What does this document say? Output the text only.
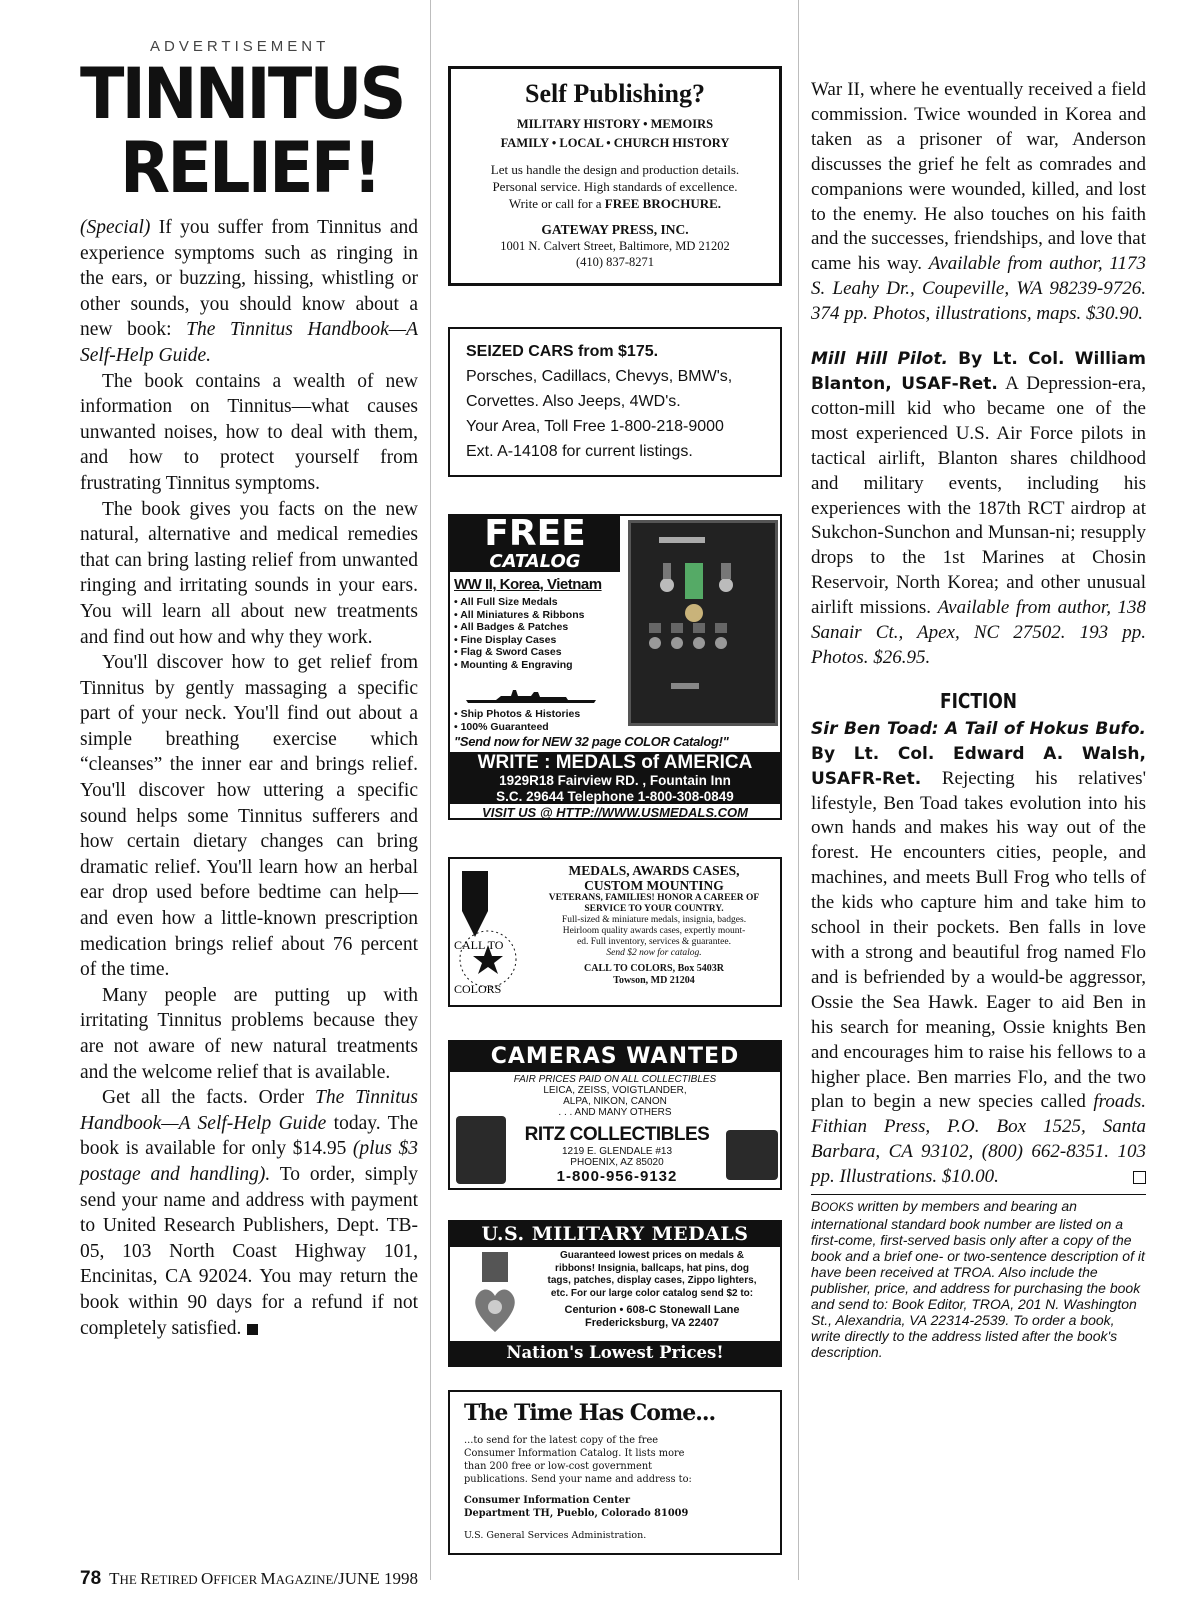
ADVERTISEMENT
TINNITUS
RELIEF!

(Special) If you suffer from Tinnitus and experience symptoms such as ringing in the ears, or buzzing, hissing, whistling or other sounds, you should know about a new book: The Tinnitus Handbook—A Self-Help Guide.

The book contains a wealth of new information on Tinnitus—what causes unwanted noises, how to deal with them, and how to protect yourself from frustrating Tinnitus symptoms.

The book gives you facts on the new natural, alternative and medical remedies that can bring lasting relief from unwanted ringing and irritating sounds in your ears. You will learn all about new treatments and find out how and why they work.

You'll discover how to get relief from Tinnitus by gently massaging a specific part of your neck. You'll find out about a simple breathing exercise which “cleanses” the inner ear and brings relief. You'll discover how uttering a specific sound helps some Tinnitus sufferers and how certain dietary changes can bring dramatic relief. You'll learn how an herbal ear drop used before bedtime can help—and even how a little-known prescription medication brings relief about 76 percent of the time.

Many people are putting up with irritating Tinnitus problems because they are not aware of new natural treatments and the welcome relief that is available.

Get all the facts. Order The Tinnitus Handbook—A Self-Help Guide today. The book is available for only $14.95 (plus $3 postage and handling). To order, simply send your name and address with payment to United Research Publishers, Dept. TB-05, 103 North Coast Highway 101, Encinitas, CA 92024. You may return the book within 90 days for a refund if not completely satisfied.

78 THE RETIRED OFFICER MAGAZINE/JUNE 1998
Self Publishing?
MILITARY HISTORY • MEMOIRS
FAMILY • LOCAL • CHURCH HISTORY
Let us handle the design and production details.
Personal service. High standards of excellence.
Write or call for a FREE BROCHURE.
GATEWAY PRESS, INC.
1001 N. Calvert Street, Baltimore, MD 21202
(410) 837-8271
SEIZED CARS from $175.
Porsches, Cadillacs, Chevys, BMW's,
Corvettes. Also Jeeps, 4WD's.
Your Area, Toll Free 1-800-218-9000
Ext. A-14108 for current listings.
FREE
CATALOG
WW II, Korea, Vietnam
• All Full Size Medals
• All Miniatures & Ribbons
• All Badges & Patches
• Fine Display Cases
• Flag & Sword Cases
• Mounting & Engraving
• Ship Photos & Histories
• 100% Guaranteed
"Send now for NEW 32 page COLOR Catalog!"
WRITE : MEDALS of AMERICA
1929R18 Fairview RD. , Fountain Inn
S.C. 29644 Telephone 1-800-308-0849
VISIT US @ HTTP://WWW.USMEDALS.COM
CALL TO
COLORS
MEDALS, AWARDS CASES,
CUSTOM MOUNTING
VETERANS, FAMILIES! HONOR A CAREER OF
SERVICE TO YOUR COUNTRY.
Full-sized & miniature medals, insignia, badges.
Heirloom quality awards cases, expertly mount-
ed. Full inventory, services & guarantee.
Send $2 now for catalog.
CALL TO COLORS, Box 5403R
Towson, MD 21204
CAMERAS WANTED
FAIR PRICES PAID ON ALL COLLECTIBLES
LEICA, ZEISS, VOIGTLANDER,
ALPA, NIKON, CANON
. . . AND MANY OTHERS
RITZ COLLECTIBLES
1219 E. GLENDALE #13
PHOENIX, AZ 85020
1-800-956-9132
U.S. MILITARY MEDALS
Guaranteed lowest prices on medals &
ribbons! Insignia, ballcaps, hat pins, dog
tags, patches, display cases, Zippo lighters,
etc. For our large color catalog send $2 to:
Centurion • 608-C Stonewall Lane
Fredericksburg, VA 22407
Nation's Lowest Prices!
The Time Has Come...
...to send for the latest copy of the free
Consumer Information Catalog. It lists more
than 200 free or low-cost government
publications. Send your name and address to:
Consumer Information Center
Department TH, Pueblo, Colorado 81009
U.S. General Services Administration.

War II, where he eventually received a field commission. Twice wounded in Korea and taken as a prisoner of war, Anderson discusses the grief he felt as comrades and companions were wounded, killed, and lost to the enemy. He also touches on his faith and the successes, friendships, and love that came his way. Available from author, 1173 S. Leahy Dr., Coupeville, WA 98239-9726. 374 pp. Photos, illustrations, maps. $30.90.

Mill Hill Pilot. By Lt. Col. William Blanton, USAF-Ret. A Depression-era, cotton-mill kid who became one of the most experienced U.S. Air Force pilots in tactical airlift, Blanton shares childhood and military events, including his experiences with the 187th RCT airdrop at Sukchon-Sunchon and Munsan-ni; resupply drops to the 1st Marines at Chosin Reservoir, North Korea; and other unusual airlift missions. Available from author, 138 Sanair Ct., Apex, NC 27502. 193 pp. Photos. $26.95.

FICTION

Sir Ben Toad: A Tail of Hokus Bufo. By Lt. Col. Edward A. Walsh, USAFR-Ret. Rejecting his relatives' lifestyle, Ben Toad takes evolution into his own hands and makes his way out of the forest. He encounters cities, people, and machines, and meets Bull Frog who tells of the kids who capture him and take him to school in their pockets. Ben falls in love with a strong and beautiful frog named Flo and is befriended by a would-be aggressor, Ossie the Sea Hawk. Eager to aid Ben in his search for meaning, Ossie knights Ben and encourages him to raise his fellows to a higher place. Ben marries Flo, and the two plan to begin a new species called froads. Fithian Press, P.O. Box 1525, Santa Barbara, CA 93102, (800) 662-8351. 103 pp. Illustrations. $10.00.

BOOKS written by members and bearing an international standard book number are listed on a first-come, first-served basis only after a copy of the book and a brief one- or two-sentence description of it have been received at TROA. Also include the publisher, price, and address for purchasing the book and send to: Book Editor, TROA, 201 N. Washington St., Alexandria, VA 22314-2539. To order a book, write directly to the address listed after the book's description.
